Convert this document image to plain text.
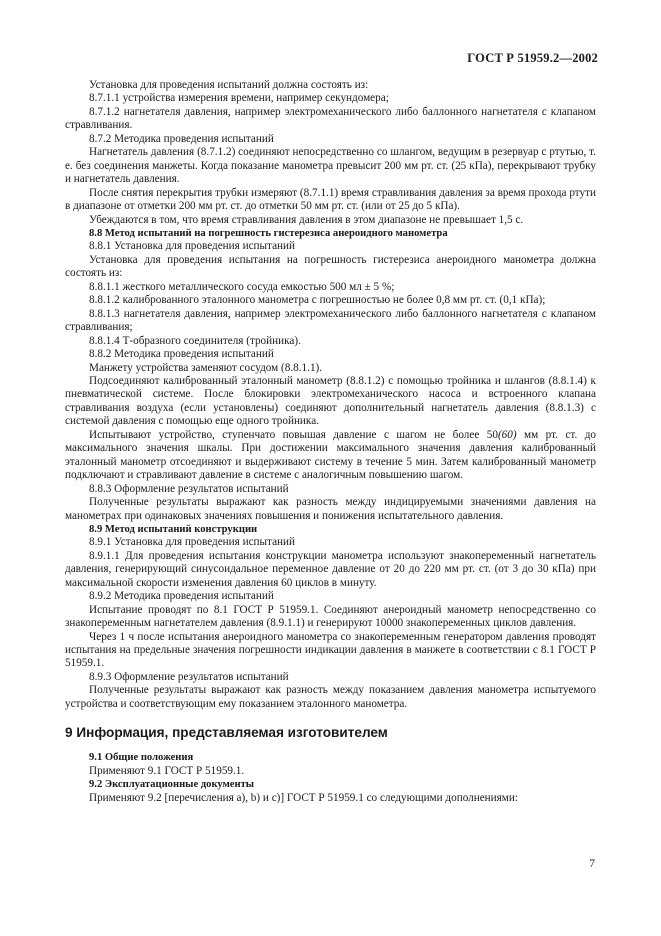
ГОСТ Р 51959.2—2002

Установка для проведения испытаний должна состоять из:

8.7.1.1 устройства измерения времени, например секундомера;

8.7.1.2 нагнетателя давления, например электромеханического либо баллонного нагнетателя с клапаном стравливания.

8.7.2 Методика проведения испытаний

Нагнетатель давления (8.7.1.2) соединяют непосредственно со шлангом, ведущим в резервуар с ртутью, т. е. без соединения манжеты. Когда показание манометра превысит 200 мм рт. ст. (25 кПа), перекрывают трубку и нагнетатель давления.

После снятия перекрытия трубки измеряют (8.7.1.1) время стравливания давления за время прохода ртути в диапазоне от отметки 200 мм рт. ст. до отметки 50 мм рт. ст. (или от 25 до 5 кПа).

Убеждаются в том, что время стравливания давления в этом диапазоне не превышает 1,5 с.

8.8 Метод испытаний на погрешность гистерезиса анероидного манометра

8.8.1 Установка для проведения испытаний

Установка для проведения испытания на погрешность гистерезиса анероидного манометра должна состоять из:

8.8.1.1 жесткого металлического сосуда емкостью 500 мл ± 5 %;

8.8.1.2 калиброванного эталонного манометра с погрешностью не более 0,8 мм рт. ст. (0,1 кПа);

8.8.1.3 нагнетателя давления, например электромеханического либо баллонного нагнетателя с клапаном стравливания;

8.8.1.4 Т-образного соединителя (тройника).

8.8.2 Методика проведения испытаний

Манжету устройства заменяют сосудом (8.8.1.1).

Подсоединяют калиброванный эталонный манометр (8.8.1.2) с помощью тройника и шлангов (8.8.1.4) к пневматической системе. После блокировки электромеханического насоса и встроенного клапана стравливания воздуха (если установлены) соединяют дополнительный нагнетатель давления (8.8.1.3) с системой давления с помощью еще одного тройника.

Испытывают устройство, ступенчато повышая давление с шагом не более 50(60) мм рт. ст. до максимального значения шкалы. При достижении максимального значения давления калиброванный эталонный манометр отсоединяют и выдерживают систему в течение 5 мин. Затем калиброванный манометр подключают и стравливают давление в системе с аналогичным повышению шагом.

8.8.3 Оформление результатов испытаний

Полученные результаты выражают как разность между индицируемыми значениями давления на манометрах при одинаковых значениях повышения и понижения испытательного давления.

8.9 Метод испытаний конструкции

8.9.1 Установка для проведения испытаний

8.9.1.1 Для проведения испытания конструкции манометра используют знакопеременный нагнетатель давления, генерирующий синусоидальное переменное давление от 20 до 220 мм рт. ст. (от 3 до 30 кПа) при максимальной скорости изменения давления 60 циклов в минуту.

8.9.2 Методика проведения испытаний

Испытание проводят по 8.1 ГОСТ Р 51959.1. Соединяют анероидный манометр непосредственно со знакопеременным нагнетателем давления (8.9.1.1) и генерируют 10000 знакопеременных циклов давления.

Через 1 ч после испытания анероидного манометра со знакопеременным генератором давления проводят испытания на предельные значения погрешности индикации давления в манжете в соответствии с 8.1 ГОСТ Р 51959.1.

8.9.3 Оформление результатов испытаний

Полученные результаты выражают как разность между показанием давления манометра испытуемого устройства и соответствующим ему показанием эталонного манометра.

9 Информация, представляемая изготовителем

9.1 Общие положения

Применяют 9.1 ГОСТ Р 51959.1.

9.2 Эксплуатационные документы

Применяют 9.2 [перечисления a), b) и c)] ГОСТ Р 51959.1 со следующими дополнениями:

7
